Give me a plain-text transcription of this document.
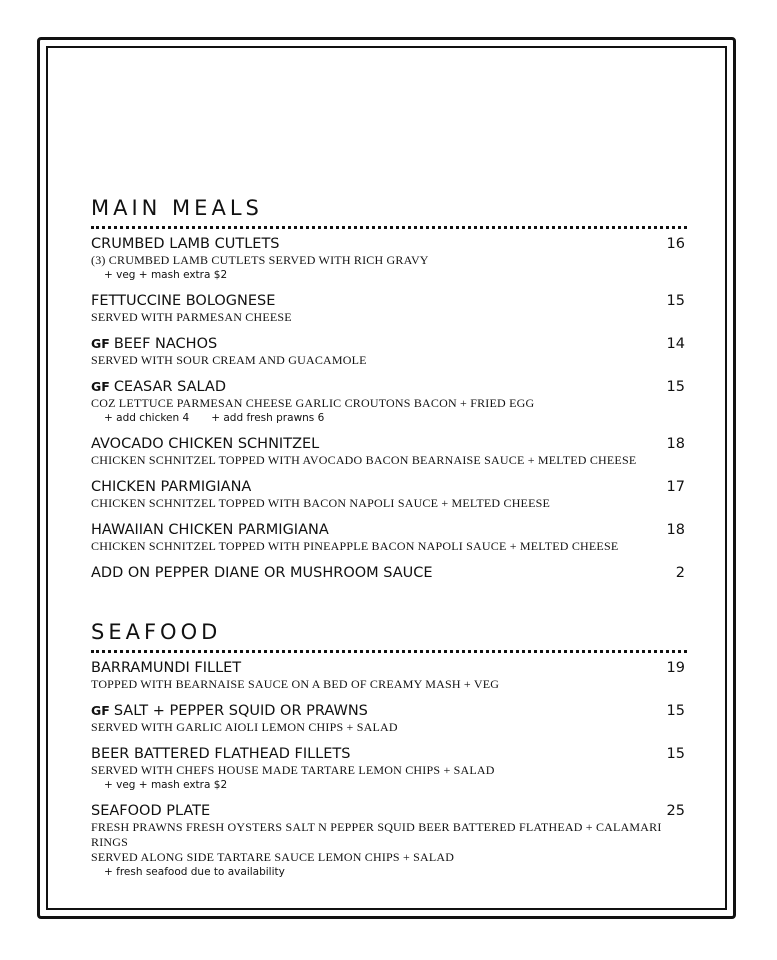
MAIN MEALS
CRUMBED LAMB CUTLETS	16
(3) CRUMBED LAMB CUTLETS SERVED WITH RICH GRAVY
+ veg + mash extra $2
FETTUCCINE BOLOGNESE	15
SERVED WITH PARMESAN CHEESE
GF BEEF NACHOS	14
SERVED WITH SOUR CREAM AND GUACAMOLE
GF CEASAR SALAD	15
COZ LETTUCE PARMESAN CHEESE GARLIC CROUTONS BACON + FRIED EGG
+ add chicken 4 + add fresh prawns 6
AVOCADO CHICKEN SCHNITZEL	18
CHICKEN SCHNITZEL TOPPED WITH AVOCADO BACON BEARNAISE SAUCE + MELTED CHEESE
CHICKEN PARMIGIANA	17
CHICKEN SCHNITZEL TOPPED WITH BACON NAPOLI SAUCE + MELTED CHEESE
HAWAIIAN CHICKEN PARMIGIANA	18
CHICKEN SCHNITZEL TOPPED WITH PINEAPPLE BACON NAPOLI SAUCE + MELTED CHEESE
ADD ON PEPPER DIANE OR MUSHROOM SAUCE	2
SEAFOOD
BARRAMUNDI FILLET	19
TOPPED WITH BEARNAISE SAUCE ON A BED OF CREAMY MASH + VEG
GF SALT + PEPPER SQUID OR PRAWNS	15
SERVED WITH GARLIC AIOLI LEMON CHIPS + SALAD
BEER BATTERED FLATHEAD FILLETS	15
SERVED WITH CHEFS HOUSE MADE TARTARE LEMON CHIPS + SALAD
+ veg + mash extra $2
SEAFOOD PLATE	25
FRESH PRAWNS FRESH OYSTERS SALT N PEPPER SQUID BEER BATTERED FLATHEAD + CALAMARI RINGS
SERVED ALONG SIDE TARTARE SAUCE LEMON CHIPS + SALAD
+ fresh seafood due to availability
